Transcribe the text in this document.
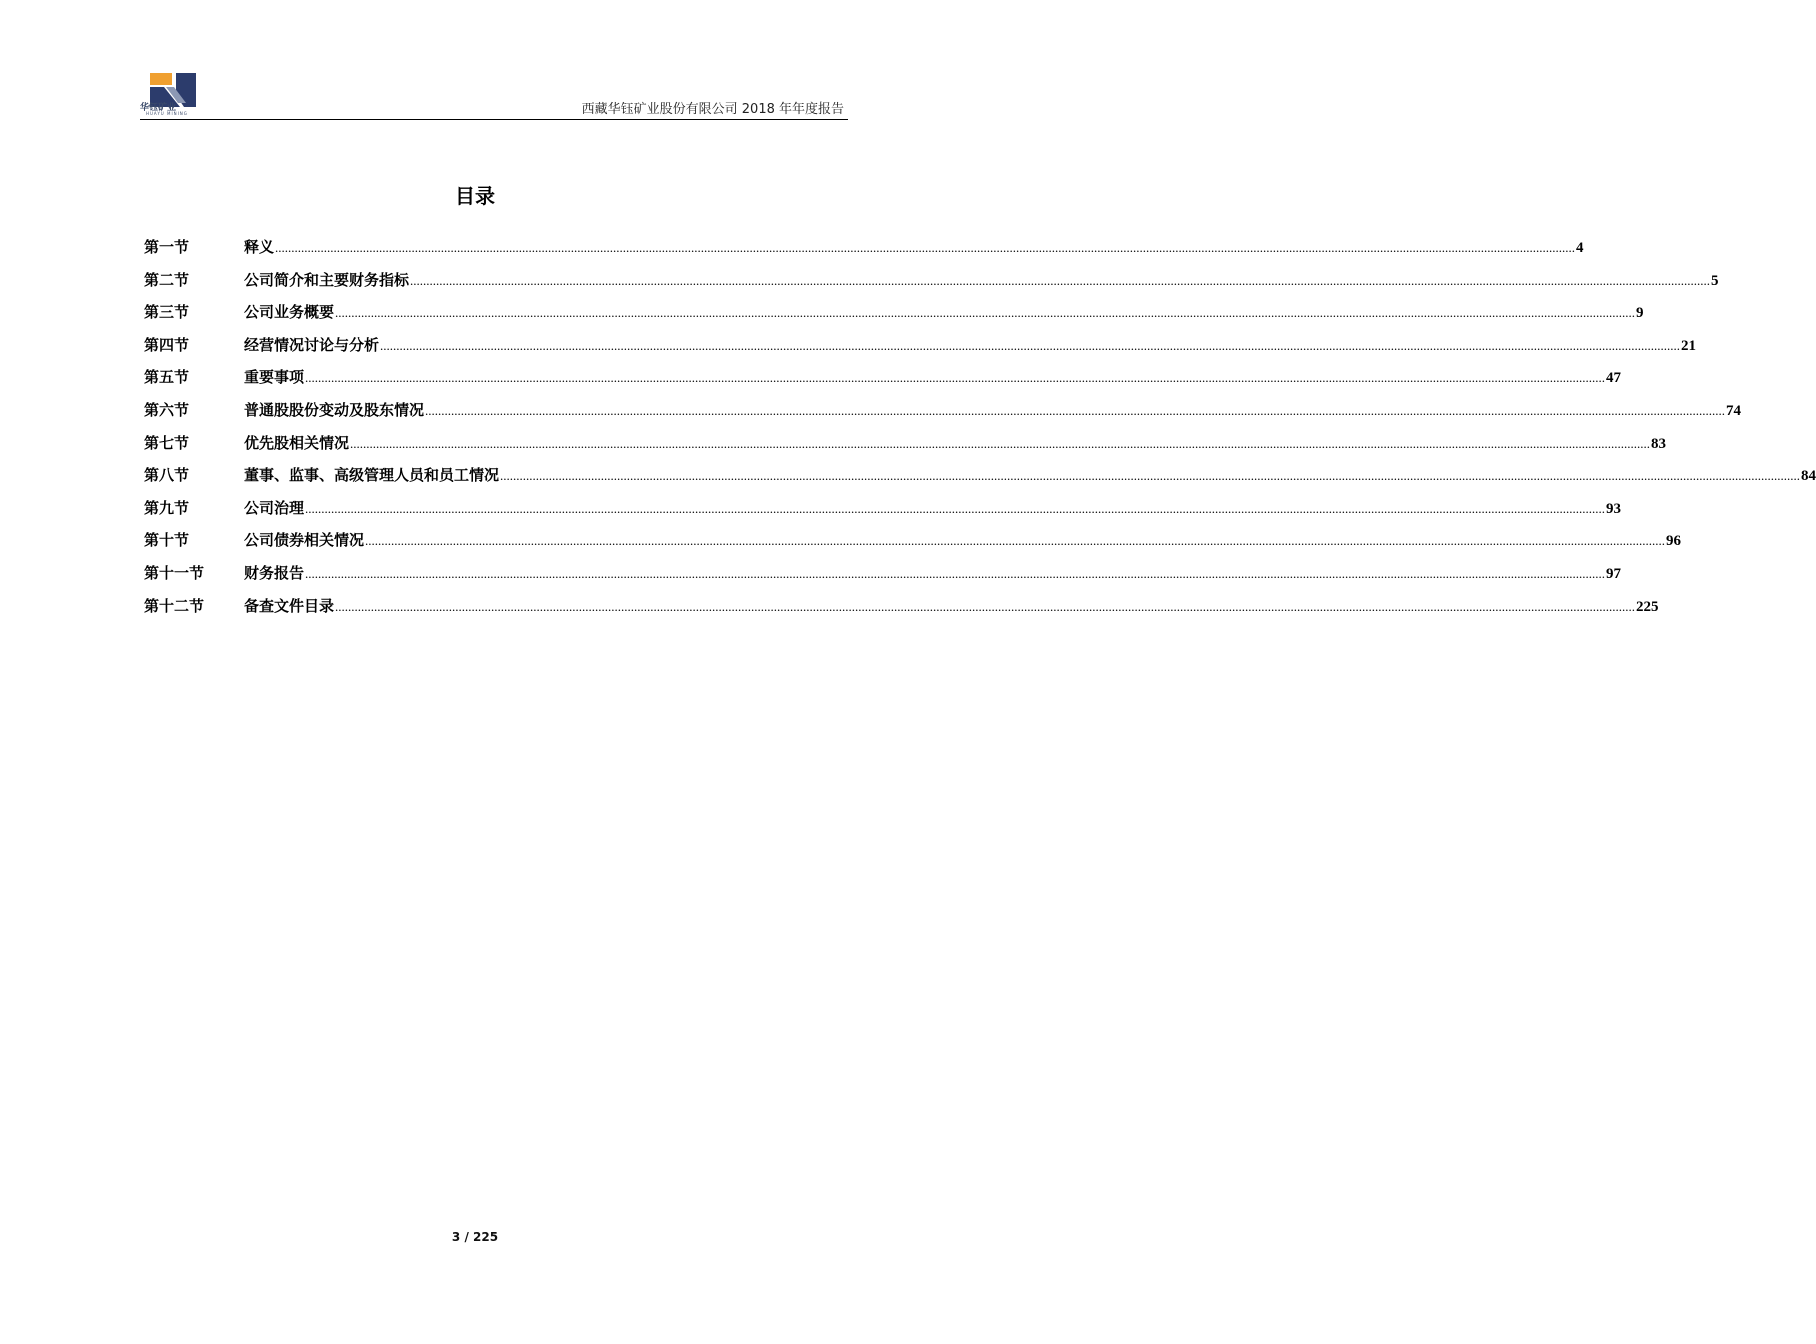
华钰矿业
HUAYU MINING	西藏华钰矿业股份有限公司 2018 年年度报告
目录
第一节	释义 ................................................................................................................................................................................................................................................................................................................................................................................................................ 4
第二节	公司简介和主要财务指标 ................................................................................................................................................................................................................................................................................................................................................................................................................ 5
第三节	公司业务概要 ................................................................................................................................................................................................................................................................................................................................................................................................................ 9
第四节	经营情况讨论与分析 ................................................................................................................................................................................................................................................................................................................................................................................................................ 21
第五节	重要事项 ................................................................................................................................................................................................................................................................................................................................................................................................................ 47
第六节	普通股股份变动及股东情况 ................................................................................................................................................................................................................................................................................................................................................................................................................ 74
第七节	优先股相关情况 ................................................................................................................................................................................................................................................................................................................................................................................................................ 83
第八节	董事、监事、高级管理人员和员工情况 ................................................................................................................................................................................................................................................................................................................................................................................................................ 84
第九节	公司治理 ................................................................................................................................................................................................................................................................................................................................................................................................................ 93
第十节	公司债券相关情况 ................................................................................................................................................................................................................................................................................................................................................................................................................ 96
第十一节	财务报告 ................................................................................................................................................................................................................................................................................................................................................................................................................ 97
第十二节	备查文件目录 ................................................................................................................................................................................................................................................................................................................................................................................................................ 225
3 / 225
